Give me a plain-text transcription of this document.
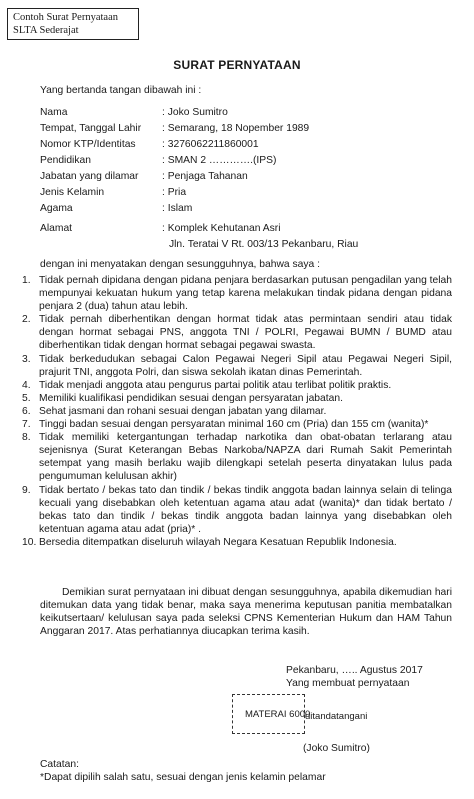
Contoh Surat Pernyataan
SLTA Sederajat
SURAT PERNYATAAN
Yang bertanda tangan dibawah ini :
Nama	: Joko Sumitro
Tempat, Tanggal Lahir : Semarang, 18 Nopember 1989
Nomor KTP/Identitas	: 3276062211860001
Pendidikan	: SMAN 2 ………….(IPS)
Jabatan yang dilamar : Penjaga Tahanan
Jenis Kelamin	: Pria
Agama	: Islam
Alamat	: Komplek Kehutanan Asri
Jln. Teratai V Rt. 003/13 Pekanbaru, Riau
dengan ini menyatakan dengan sesungguhnya, bahwa saya :
1. Tidak pernah dipidana dengan pidana penjara berdasarkan putusan pengadilan yang telah mempunyai kekuatan hukum yang tetap karena melakukan tindak pidana dengan pidana penjara 2 (dua) tahun atau lebih.
2. Tidak pernah diberhentikan dengan hormat tidak atas permintaan sendiri atau tidak dengan hormat sebagai PNS, anggota TNI / POLRI, Pegawai BUMN / BUMD atau diberhentikan tidak dengan hormat sebagai pegawai swasta.
3. Tidak berkedudukan sebagai Calon Pegawai Negeri Sipil atau Pegawai Negeri Sipil, prajurit TNI, anggota Polri, dan siswa sekolah ikatan dinas Pemerintah.
4. Tidak menjadi anggota atau pengurus partai politik atau terlibat politik praktis.
5. Memiliki kualifikasi pendidikan sesuai dengan persyaratan jabatan.
6. Sehat jasmani dan rohani sesuai dengan jabatan yang dilamar.
7. Tinggi badan sesuai dengan persyaratan minimal 160 cm (Pria) dan 155 cm (wanita)*
8. Tidak memiliki ketergantungan terhadap narkotika dan obat-obatan terlarang atau sejenisnya (Surat Keterangan Bebas Narkoba/NAPZA dari Rumah Sakit Pemerintah setempat yang masih berlaku wajib dilengkapi setelah peserta dinyatakan lulus pada pengumuman kelulusan akhir)
9. Tidak bertato / bekas tato dan tindik / bekas tindik anggota badan lainnya selain di telinga kecuali yang disebabkan oleh ketentuan agama atau adat (wanita)* dan tidak bertato / bekas tato dan tindik / bekas tindik anggota badan lainnya yang disebabkan oleh ketentuan agama atau adat (pria)* .
10. Bersedia ditempatkan diseluruh wilayah Negara Kesatuan Republik Indonesia.
Demikian surat pernyataan ini dibuat dengan sesungguhnya, apabila dikemudian hari ditemukan data yang tidak benar, maka saya menerima keputusan panitia membatalkan keikutsertaan/ kelulusan saya pada seleksi CPNS Kementerian Hukum dan HAM Tahun Anggaran 2017. Atas perhatiannya diucapkan terima kasih.
Pekanbaru, ….. Agustus 2017
Yang membuat pernyataan
MATERAI 6000
ditandatangani
(Joko Sumitro)
Catatan:
*Dapat dipilih salah satu, sesuai dengan jenis kelamin pelamar
